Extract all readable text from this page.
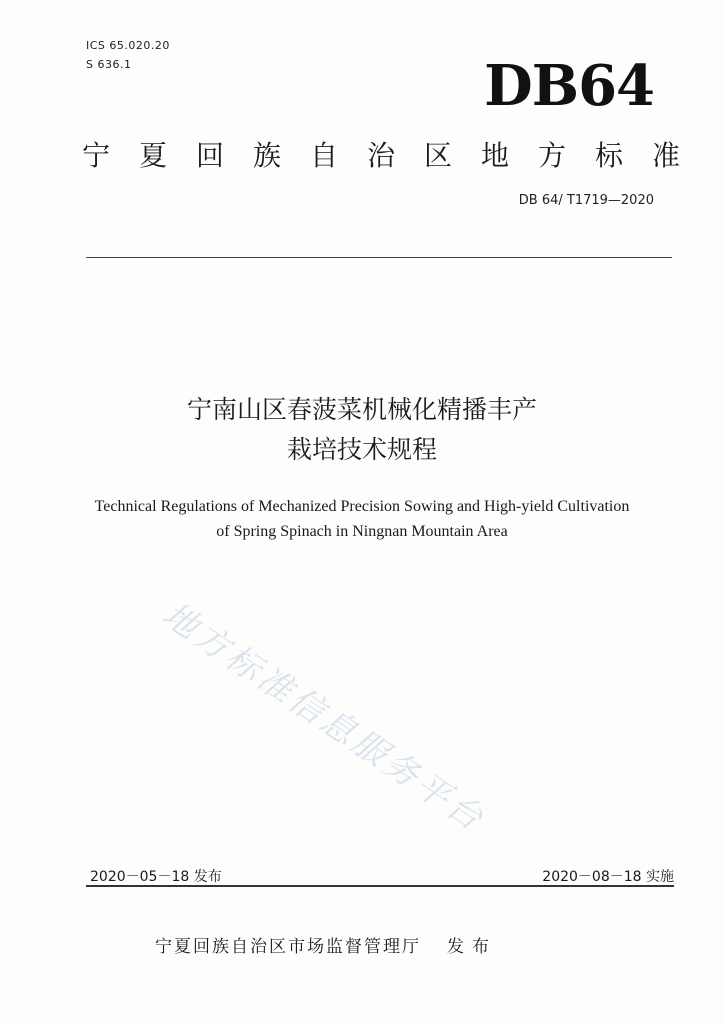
ICS 65.020.20
S 636.1	DB64
宁夏回族自治区地方标准
DB 64/ T1719—2020
宁南山区春菠菜机械化精播丰产
栽培技术规程
Technical Regulations of Mechanized Precision Sowing and High-yield Cultivation
of Spring Spinach in Ningnan Mountain Area
地方标准信息服务平台
2020－05－18 发布	2020－08－18 实施
宁夏回族自治区市场监督管理厅 发布
